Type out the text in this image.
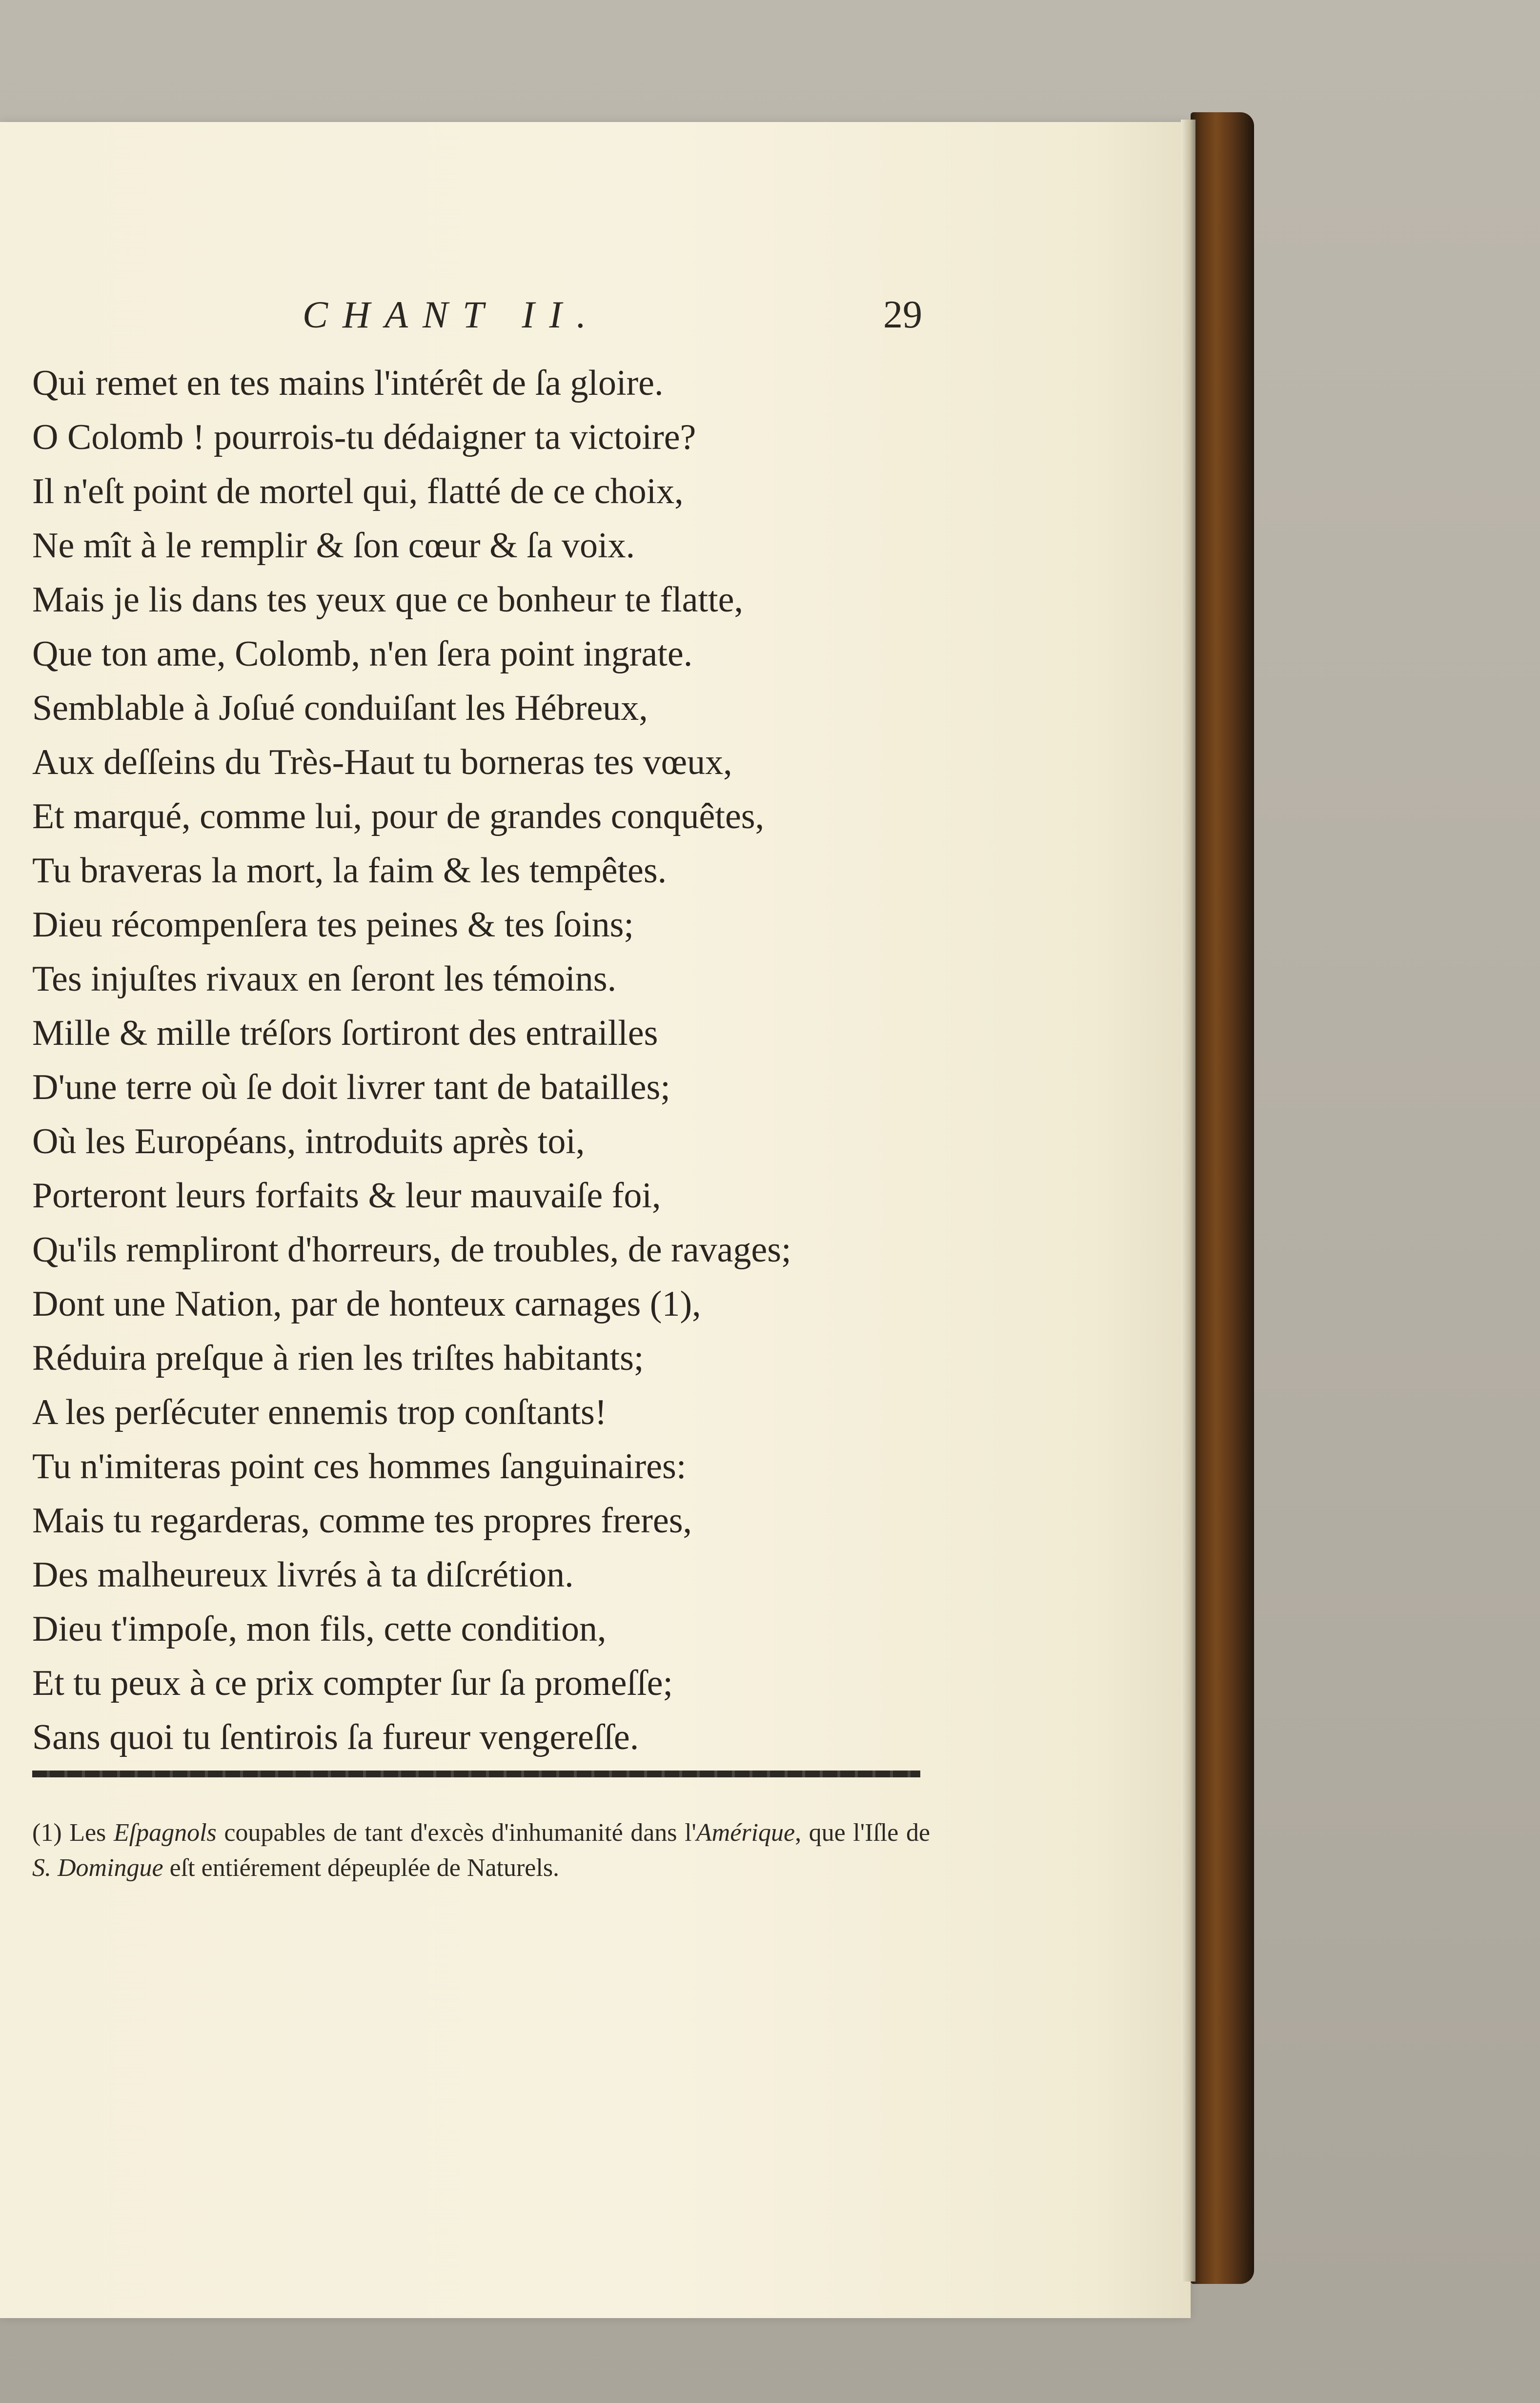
CHANT II.	29
Qui remet en tes mains l'intérêt de ſa gloire.
O Colomb ! pourrois-tu dédaigner ta victoire?
Il n'eſt point de mortel qui, flatté de ce choix,
Ne mît à le remplir & ſon cœur & ſa voix.
Mais je lis dans tes yeux que ce bonheur te flatte,
Que ton ame, Colomb, n'en ſera point ingrate.
Semblable à Joſué conduiſant les Hébreux,
Aux deſſeins du Très-Haut tu borneras tes vœux,
Et marqué, comme lui, pour de grandes conquêtes,
Tu braveras la mort, la faim & les tempêtes.
Dieu récompenſera tes peines & tes ſoins;
Tes injuſtes rivaux en ſeront les témoins.
Mille & mille tréſors ſortiront des entrailles
D'une terre où ſe doit livrer tant de batailles;
Où les Européans, introduits après toi,
Porteront leurs forfaits & leur mauvaiſe foi,
Qu'ils rempliront d'horreurs, de troubles, de ravages;
Dont une Nation, par de honteux carnages (1),
Réduira preſque à rien les triſtes habitants;
A les perſécuter ennemis trop conſtants!
Tu n'imiteras point ces hommes ſanguinaires:
Mais tu regarderas, comme tes propres freres,
Des malheureux livrés à ta diſcrétion.
Dieu t'impoſe, mon fils, cette condition,
Et tu peux à ce prix compter ſur ſa promeſſe;
Sans quoi tu ſentirois ſa fureur vengereſſe.
(1) Les Eſpagnols coupables de tant d'excès d'inhumanité dans l'Amérique, que l'Iſle de S. Domingue eſt entiérement dépeuplée de Naturels.
